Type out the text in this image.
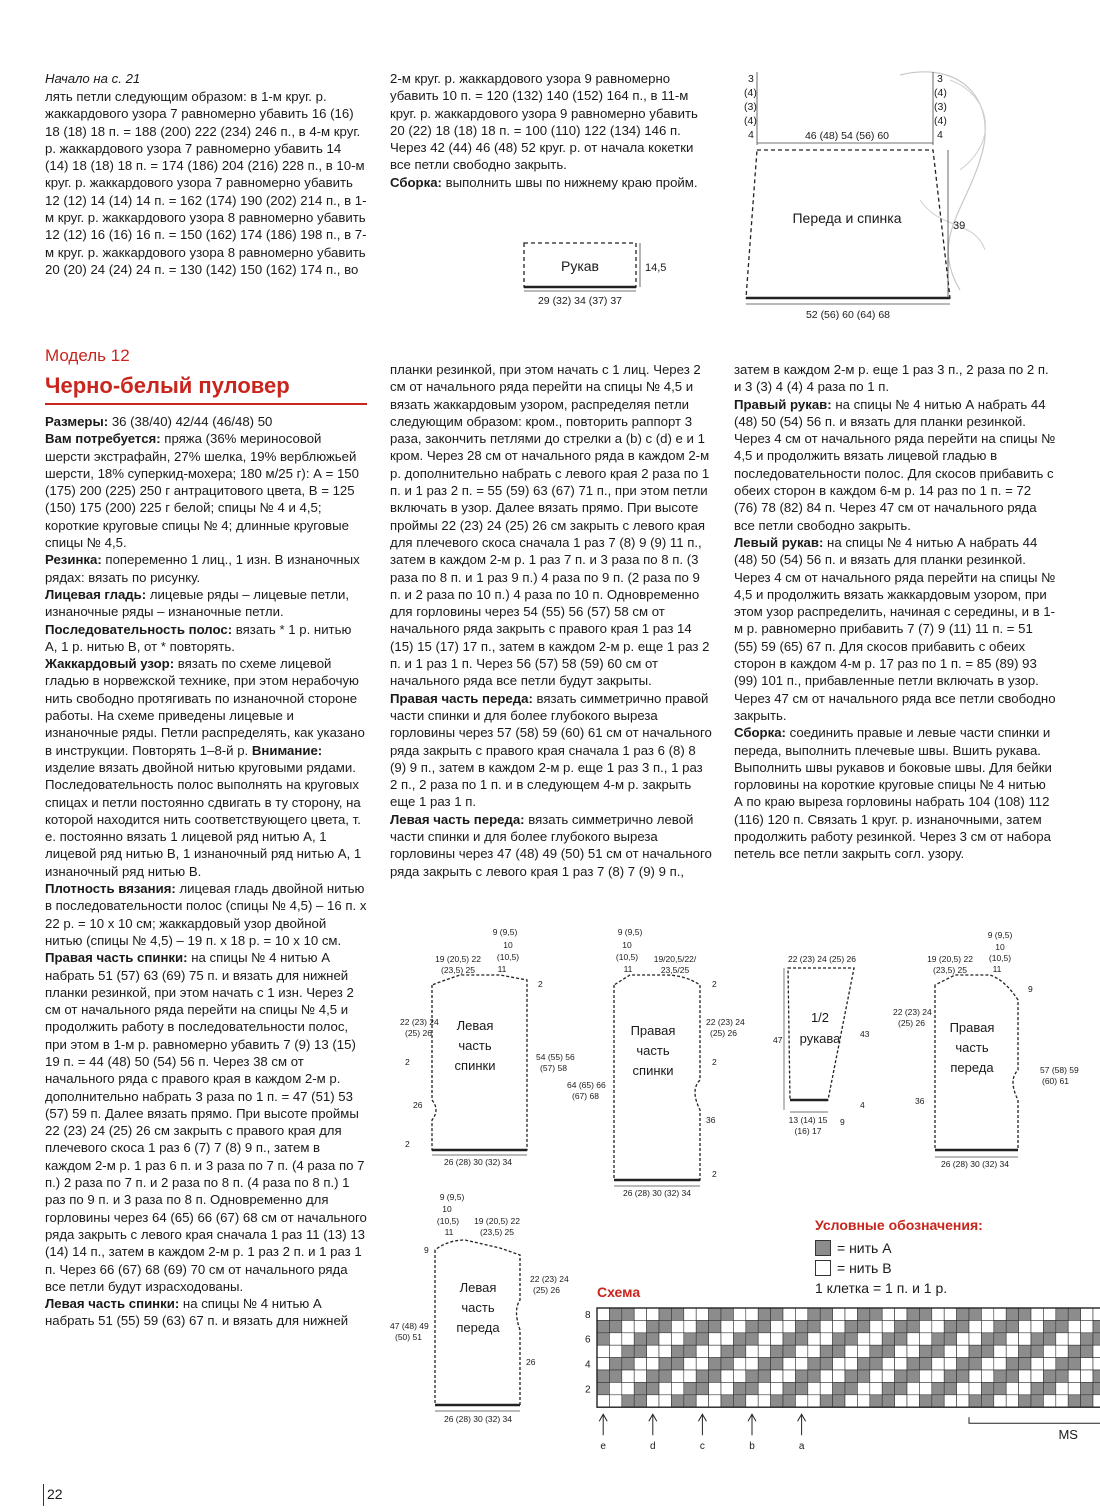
Начало на с. 21
лять петли следующим образом: в 1-м круг. р. жаккардового узора 7 равномерно убавить 16 (16) 18 (18) 18 п. = 188 (200) 222 (234) 246 п., в 4-м круг. р. жаккардового узора 7 равномерно убавить 14 (14) 18 (18) 18 п. = 174 (186) 204 (216) 228 п., в 10-м круг. р. жаккардового узора 7 равномерно убавить 12 (12) 14 (14) 14 п. = 162 (174) 190 (202) 214 п., в 1-м круг. р. жаккардового узора 8 равномерно убавить 12 (12) 16 (16) 16 п. = 150 (162) 174 (186) 198 п., в 7-м круг. р. жаккардового узора 8 равномерно убавить 20 (20) 24 (24) 24 п. = 130 (142) 150 (162) 174 п., во

2-м круг. р. жаккардового узора 9 равномерно убавить 10 п. = 120 (132) 140 (152) 164 п., в 11-м круг. р. жаккардового узора 9 равномерно убавить 20 (22) 18 (18) 18 п. = 100 (110) 122 (134) 146 п. Через 42 (44) 46 (48) 52 круг. р. от начала кокетки все петли свободно закрыть.

Сборка: выполнить швы по нижнему краю пройм.

Рукав	14,5
29 (32) 34 (37) 37
Переда и спинка
46 (48) 54 (56) 60
52 (56) 60 (64) 68
39
3
(4)
(3)
(4)
4
3
(4)
(3)
(4)
4
Модель 12
Черно-белый пуловер

Размеры: 36 (38/40) 42/44 (46/48) 50

Вам потребуется: пряжа (36% мериносовой шерсти экстрафайн, 27% шелка, 19% верблюжьей шерсти, 18% суперкид-мохера; 180 м/25 г): А = 150 (175) 200 (225) 250 г антрацитового цвета, В = 125 (150) 175 (200) 225 г белой; спицы № 4 и 4,5; короткие круговые спицы № 4; длинные круговые спицы № 4,5.

Резинка: попеременно 1 лиц., 1 изн. В изнаночных рядах: вязать по рисунку.

Лицевая гладь: лицевые ряды – лицевые петли, изнаночные ряды – изнаночные петли.

Последовательность полос: вязать * 1 р. нитью А, 1 р. нитью В, от * повторять.

Жаккардовый узор: вязать по схеме лицевой гладью в норвежской технике, при этом нерабочую нить свободно протягивать по изнаночной стороне работы. На схеме приведены лицевые и изнаночные ряды. Петли распределять, как указано в инструкции. Повторять 1–8-й р. Внимание: изделие вязать двойной нитью круговыми рядами. Последовательность полос выполнять на круговых спицах и петли постоянно сдвигать в ту сторону, на которой находится нить соответствующего цвета, т. е. постоянно вязать 1 лицевой ряд нитью А, 1 лицевой ряд нитью В, 1 изнаночный ряд нитью А, 1 изнаночный ряд нитью В.

Плотность вязания: лицевая гладь двойной нитью в последовательности полос (спицы № 4,5) – 16 п. х 22 р. = 10 х 10 см; жаккардовый узор двойной нитью (спицы № 4,5) – 19 п. х 18 р. = 10 х 10 см.

Правая часть спинки: на спицы № 4 нитью А набрать 51 (57) 63 (69) 75 п. и вязать для нижней планки резинкой, при этом начать с 1 изн. Через 2 см от начального ряда перейти на спицы № 4,5 и продолжить работу в последовательности полос, при этом в 1-м р. равномерно убавить 7 (9) 13 (15) 19 п. = 44 (48) 50 (54) 56 п. Через 38 см от начального ряда с правого края в каждом 2-м р. дополнительно набрать 3 раза по 1 п. = 47 (51) 53 (57) 59 п. Далее вязать прямо. При высоте проймы 22 (23) 24 (25) 26 см закрыть с правого края для плечевого скоса 1 раз 6 (7) 7 (8) 9 п., затем в каждом 2-м р. 1 раз 6 п. и 3 раза по 7 п. (4 раза по 7 п.) 2 раза по 7 п. и 2 раза по 8 п. (4 раза по 8 п.) 1 раз по 9 п. и 3 раза по 8 п. Одновременно для горловины через 64 (65) 66 (67) 68 см от начального ряда закрыть с левого края сначала 1 раз 11 (13) 13 (14) 14 п., затем в каждом 2-м р. 1 раз 2 п. и 1 раз 1 п. Через 66 (67) 68 (69) 70 см от начального ряда все петли будут израсходованы.

Левая часть спинки: на спицы № 4 нитью А набрать 51 (55) 59 (63) 67 п. и вязать для нижней

планки резинкой, при этом начать с 1 лиц. Через 2 см от начального ряда перейти на спицы № 4,5 и вязать жаккардовым узором, распределяя петли следующим образом: кром., повторить раппорт 3 раза, закончить петлями до стрелки а (b) с (d) е и 1 кром. Через 28 см от начального ряда в каждом 2-м р. дополнительно набрать с левого края 2 раза по 1 п. и 1 раз 2 п. = 55 (59) 63 (67) 71 п., при этом петли включать в узор. Далее вязать прямо. При высоте проймы 22 (23) 24 (25) 26 см закрыть с левого края для плечевого скоса сначала 1 раз 7 (8) 9 (9) 11 п., затем в каждом 2-м р. 1 раз 7 п. и 3 раза по 8 п. (3 раза по 8 п. и 1 раз 9 п.) 4 раза по 9 п. (2 раза по 9 п. и 2 раза по 10 п.) 4 раза по 10 п. Одновременно для горловины через 54 (55) 56 (57) 58 см от начального ряда закрыть с правого края 1 раз 14 (15) 15 (17) 17 п., затем в каждом 2-м р. еще 1 раз 2 п. и 1 раз 1 п. Через 56 (57) 58 (59) 60 см от начального ряда все петли будут закрыты.

Правая часть переда: вязать симметрично правой части спинки и для более глубокого выреза горловины через 57 (58) 59 (60) 61 см от начального ряда закрыть с правого края сначала 1 раз 6 (8) 8 (9) 9 п., затем в каждом 2-м р. еще 1 раз 3 п., 1 раз 2 п., 2 раза по 1 п. и в следующем 4-м р. закрыть еще 1 раз 1 п.

Левая часть переда: вязать симметрично левой части спинки и для более глубокого выреза горловины через 47 (48) 49 (50) 51 см от начального ряда закрыть с левого края 1 раз 7 (8) 7 (9) 9 п.,

затем в каждом 2-м р. еще 1 раз 3 п., 2 раза по 2 п. и 3 (3) 4 (4) 4 раза по 1 п.

Правый рукав: на спицы № 4 нитью А набрать 44 (48) 50 (54) 56 п. и вязать для планки резинкой. Через 4 см от начального ряда перейти на спицы № 4,5 и продолжить вязать лицевой гладью в последовательности полос. Для скосов прибавить с обеих сторон в каждом 6-м р. 14 раз по 1 п. = 72 (76) 78 (82) 84 п. Через 47 см от начального ряда все петли свободно закрыть.

Левый рукав: на спицы № 4 нитью А набрать 44 (48) 50 (54) 56 п. и вязать для планки резинкой. Через 4 см от начального ряда перейти на спицы № 4,5 и продолжить вязать жаккардовым узором, при этом узор распределить, начиная с середины, и в 1-м р. равномерно прибавить 7 (7) 9 (11) 11 п. = 51 (55) 59 (65) 67 п. Для скосов прибавить с обеих сторон в каждом 4-м р. 17 раз по 1 п. = 85 (89) 93 (99) 101 п., прибавленные петли включать в узор. Через 47 см от начального ряда все петли свободно закрыть.

Сборка: соединить правые и левые части спинки и переда, выполнить плечевые швы. Вшить рукава. Выполнить швы рукавов и боковые швы. Для бейки горловины на короткие круговые спицы № 4 нитью А по краю выреза горловины набрать 104 (108) 112 (116) 120 п. Связать 1 круг. р. изнаночными, затем продолжить работу резинкой. Через 3 см от набора петель все петли закрыть согл. узору.

Левая
часть
спинки
9 (9,5)
10
(10,5)
11
19 (20,5) 22
(23,5) 25
22 (23) 24
(25) 26
54 (55) 56
(57) 58
2
2
26
2
26 (28) 30 (32) 34
Правая
часть
спинки
9 (9,5)
10
(10,5)
11
19/20,5/22/
23,5/25
22 (23) 24
(25) 26
64 (65) 66
(67) 68
2
2
36
2
26 (28) 30 (32) 34
1/2
рукава
22 (23) 24 (25) 26
47
43
13 (14) 15
(16) 17
4
9
Правая
часть
переда
9 (9,5)
10
(10,5)
11
19 (20,5) 22
(23,5) 25
22 (23) 24
(25) 26
57 (58) 59
(60) 61
9
36
26 (28) 30 (32) 34
Левая
часть
переда
9 (9,5)
10
(10,5)
11
19 (20,5) 22
(23,5) 25
22 (23) 24
(25) 26
47 (48) 49
(50) 51
9
26
26 (28) 30 (32) 34
Условные обозначения:
= нить А
= нить В
1 клетка = 1 п. и 1 р.
Схема
8
6
4
2
e	d	c	b	a
MS
22
